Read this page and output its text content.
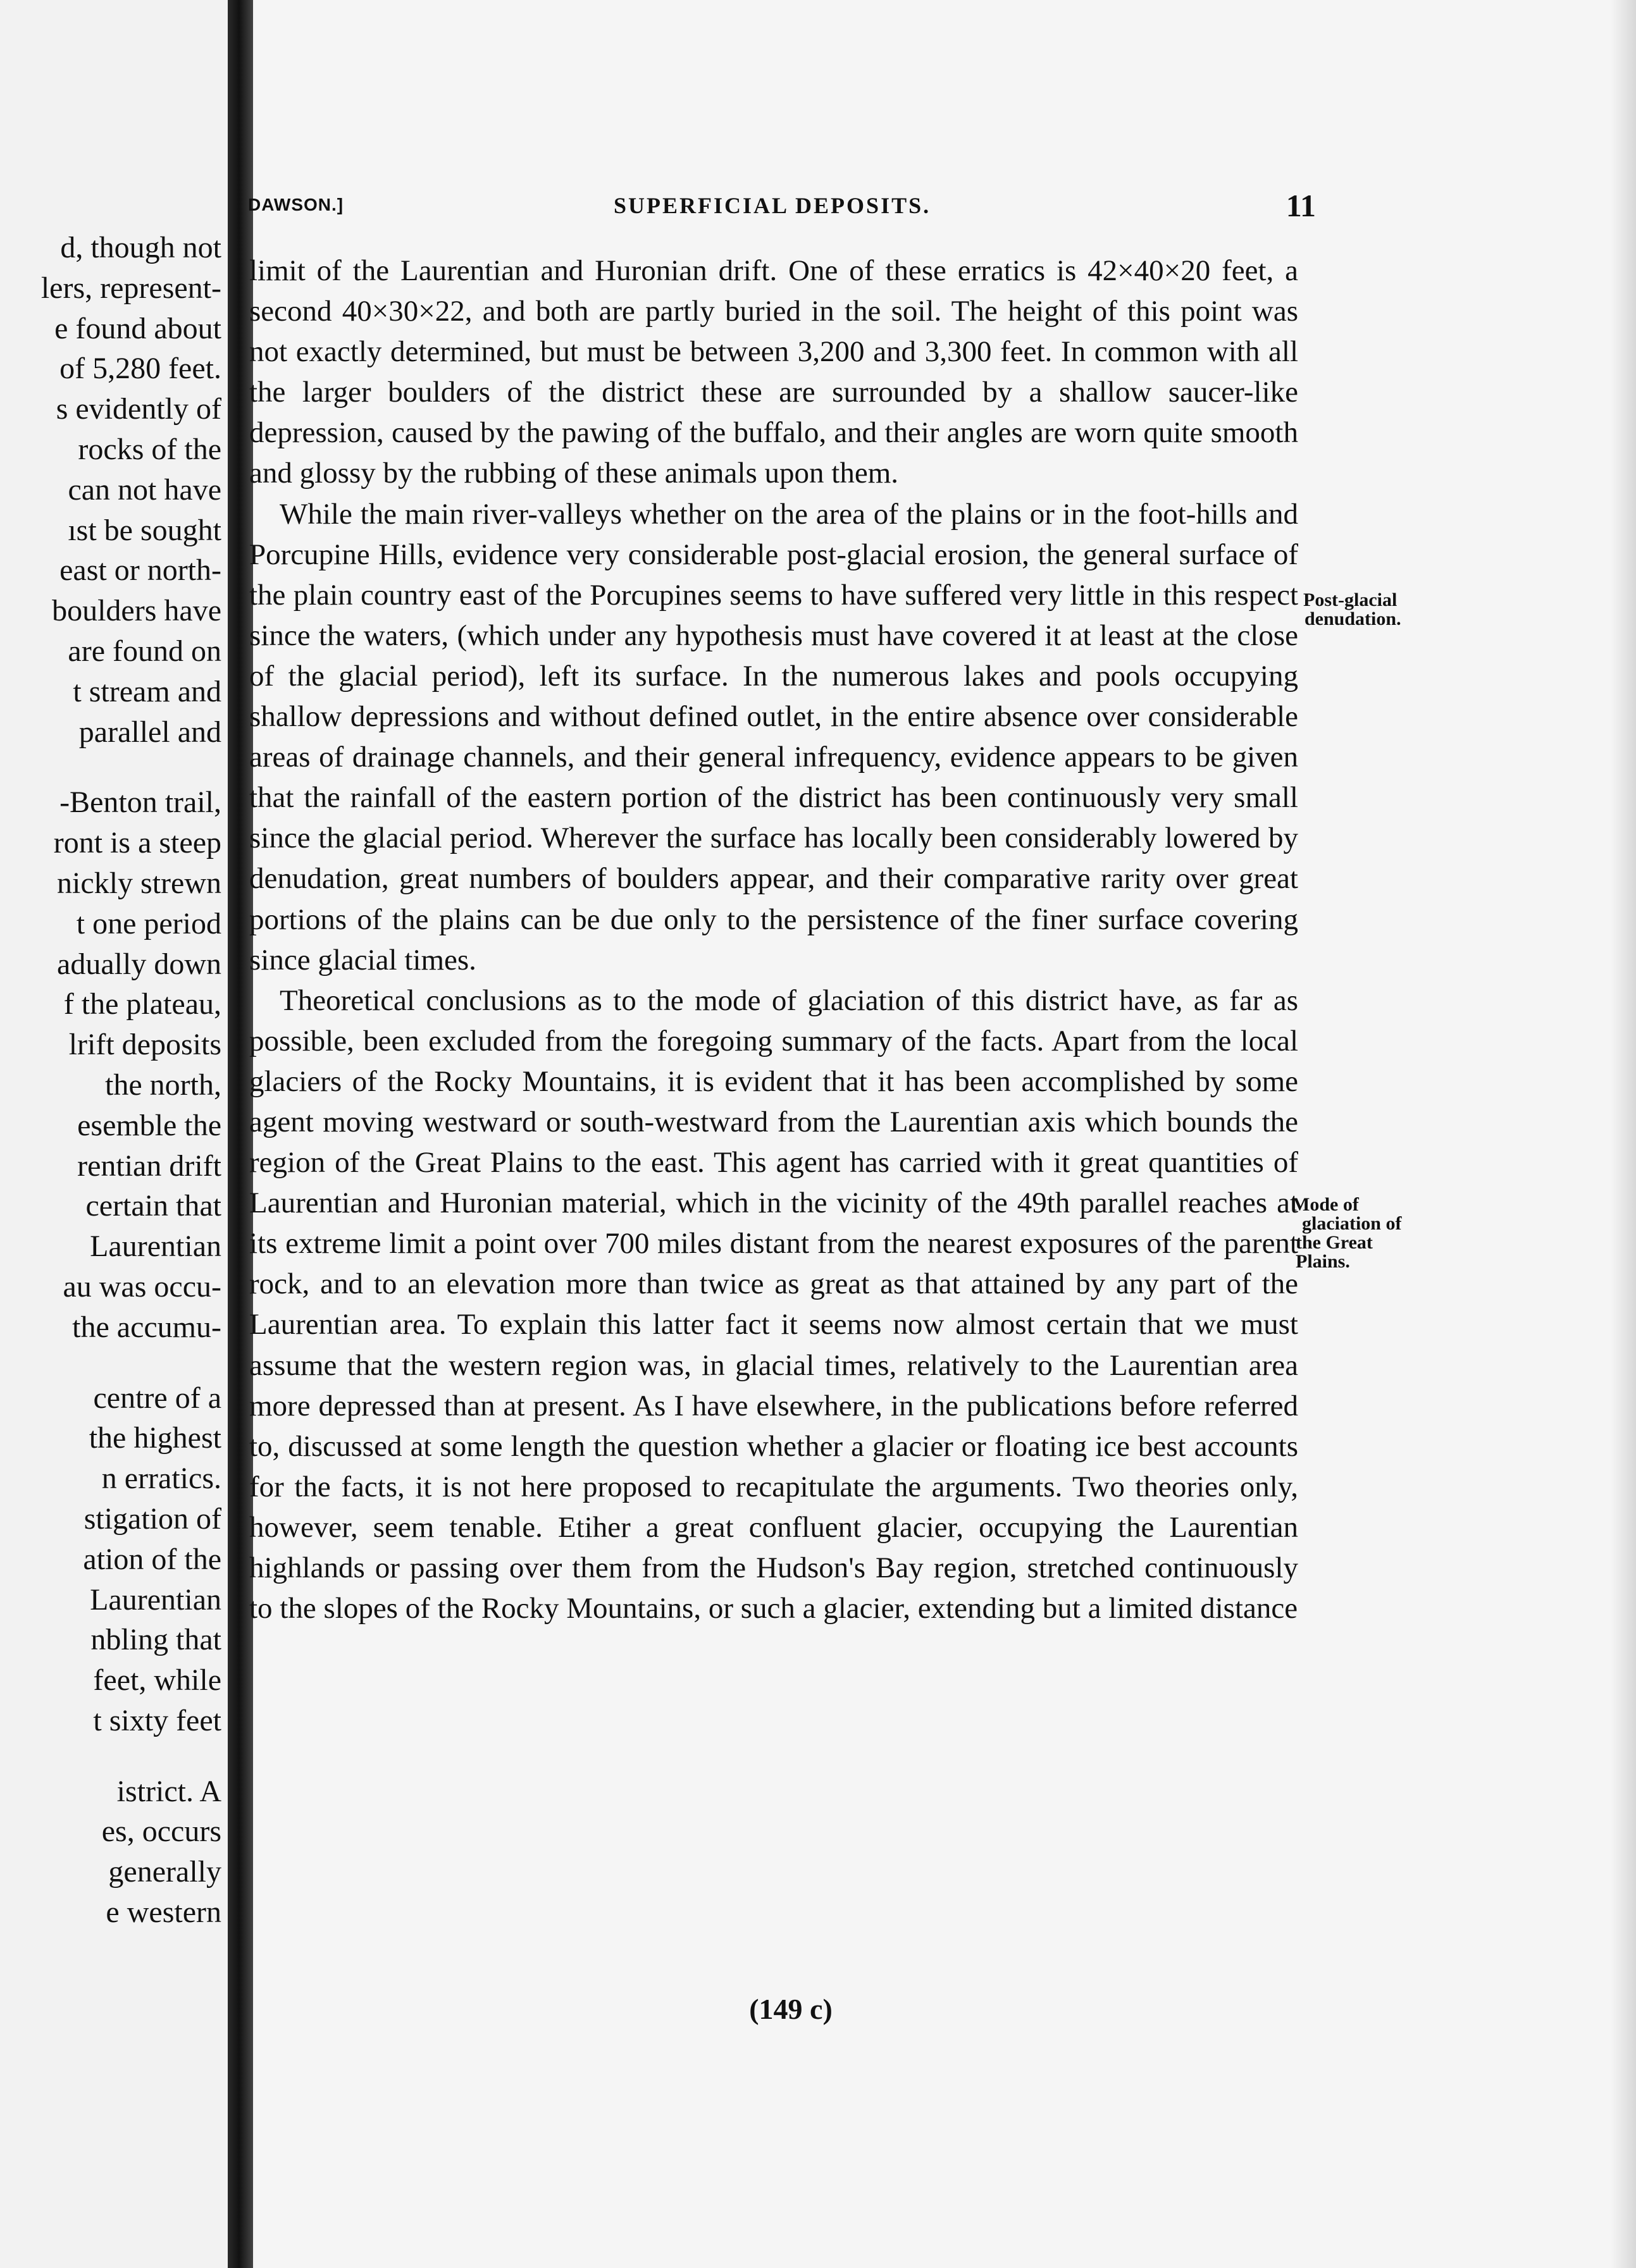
d, though not
lers, represent-
e found about
of 5,280 feet.
s evidently of
rocks of the
can not have
ıst be sought
east or north-
boulders have
are found on
t stream and
parallel and
-Benton trail,
ront is a steep
nickly strewn
t one period
adually down
f the plateau,
lrift deposits
the north,
esemble the
rentian drift
certain that
Laurentian
au was occu-
the accumu-
centre of a
the highest
n erratics.
stigation of
ation of the
Laurentian
nbling that
feet, while
t sixty feet
istrict. A
es, occurs
generally
e western
DAWSON.]	SUPERFICIAL DEPOSITS.	11

limit of the Laurentian and Huronian drift. One of these erratics is 42×40×20 feet, a second 40×30×22, and both are partly buried in the soil. The height of this point was not exactly determined, but must be between 3,200 and 3,300 feet. In common with all the larger boulders of the district these are surrounded by a shallow saucer-like depression, caused by the pawing of the buffalo, and their angles are worn quite smooth and glossy by the rubbing of these animals upon them.

While the main river-valleys whether on the area of the plains or in the foot-hills and Porcupine Hills, evidence very considerable post-glacial erosion, the general surface of the plain country east of the Porcupines seems to have suffered very little in this respect since the waters, (which under any hypothesis must have covered it at least at the close of the glacial period), left its surface. In the numerous lakes and pools occupying shallow depressions and without defined outlet, in the entire absence over considerable areas of drainage channels, and their general infrequency, evidence appears to be given that the rainfall of the eastern portion of the district has been continuously very small since the glacial period. Wherever the surface has locally been considerably lowered by denudation, great numbers of boulders appear, and their comparative rarity over great portions of the plains can be due only to the persistence of the finer surface covering since glacial times.

Theoretical conclusions as to the mode of glaciation of this district have, as far as possible, been excluded from the foregoing summary of the facts. Apart from the local glaciers of the Rocky Mountains, it is evident that it has been accomplished by some agent moving westward or south-westward from the Laurentian axis which bounds the region of the Great Plains to the east. This agent has carried with it great quantities of Laurentian and Huronian material, which in the vicinity of the 49th parallel reaches at its extreme limit a point over 700 miles distant from the nearest exposures of the parent rock, and to an elevation more than twice as great as that attained by any part of the Laurentian area. To explain this latter fact it seems now almost certain that we must assume that the western region was, in glacial times, relatively to the Laurentian area more depressed than at present. As I have elsewhere, in the publications before referred to, discussed at some length the question whether a glacier or floating ice best accounts for the facts, it is not here proposed to recapitulate the arguments. Two theories only, however, seem tenable. Etiher a great confluent glacier, occupying the Laurentian highlands or passing over them from the Hudson's Bay region, stretched continuously to the slopes of the Rocky Mountains, or such a glacier, extending but a limited distance

Post-glacial
denudation.
Mode of
glaciation of
the Great
Plains.
(149 c)
